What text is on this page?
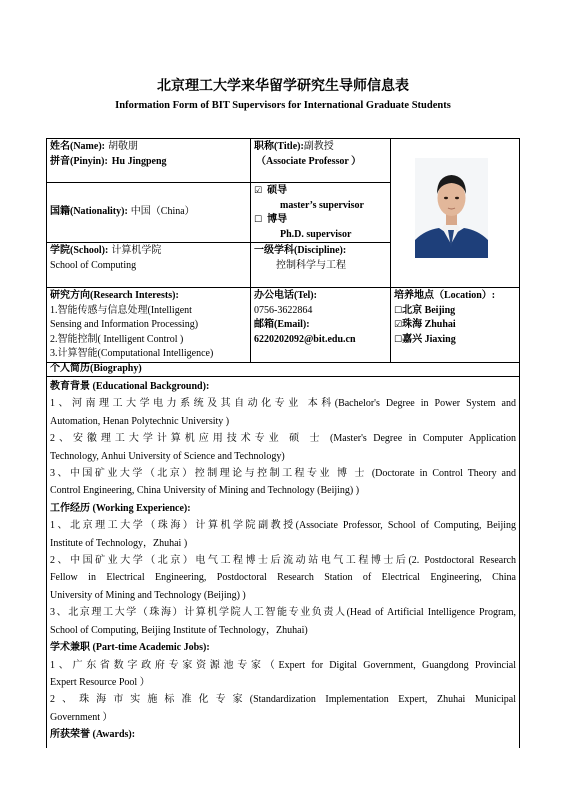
北京理工大学来华留学研究生导师信息表
Information Form of BIT Supervisors for International Graduate Students
姓名(Name): 胡敬朋
拼音(Pinyin): Hu Jingpeng
职称(Title):副教授
（Associate Professor ）
国籍(Nationality): 中国（China）
☑ 硕导
master’s supervisor
☐ 博导
Ph.D. supervisor
学院(School): 计算机学院
School of Computing
一级学科(Discipline):
控制科学与工程
研究方向(Research Interests):
1.智能传感与信息处理(Intelligent
Sensing and Information Processing)
2.智能控制( Intelligent Control )
3.计算智能(Computational Intelligence)
办公电话(Tel):
0756-3622864
邮箱(Email):
622020209​2@bit.edu.cn
培养地点（Location）:
☐北京 Beijing
☑珠海 Zhuhai
☐嘉兴 Jiaxing
个人简历(Biography)
教育背景 (Educational Background):
1、河南理工大学电力系统及其自动化专业 本科(Bachelor's Degree in Power System and
Automation, Henan Polytechnic University )
2、安徽理工大学计算机应用技术专业 硕 士 (Master's Degree in Computer Application
Technology, Anhui University of Science and Technology)
3、中国矿业大学（北京）控制理论与控制工程专业 博 士 (Doctorate in Control Theory and
Control Engineering, China University of Mining and Technology (Beijing) )
工作经历 (Working Experience):
1、北京理工大学（珠海）计算机学院副教授(Associate Professor, School of Computing, Beijing
Institute of Technology，Zhuhai )
2、中国矿业大学（北京）电气工程博士后流动站电气工程博士后(2. Postdoctoral Research
Fellow in Electrical Engineering, Postdoctoral Research Station of Electrical Engineering, China
University of Mining and Technology (Beijing) )
3、北京理工大学（珠海）计算机学院人工智能专业负责人(Head of Artificial Intelligence Program,
School of Computing, Beijing Institute of Technology，Zhuhai)
学术兼职 (Part-time Academic Jobs):
1、广东省数字政府专家资源池专家（Expert for Digital Government, Guangdong Provincial
Expert Resource Pool ）
2、珠海市实施标准化专家(Standardization Implementation Expert, Zhuhai Municipal
Government ）
所获荣誉 (Awards):
